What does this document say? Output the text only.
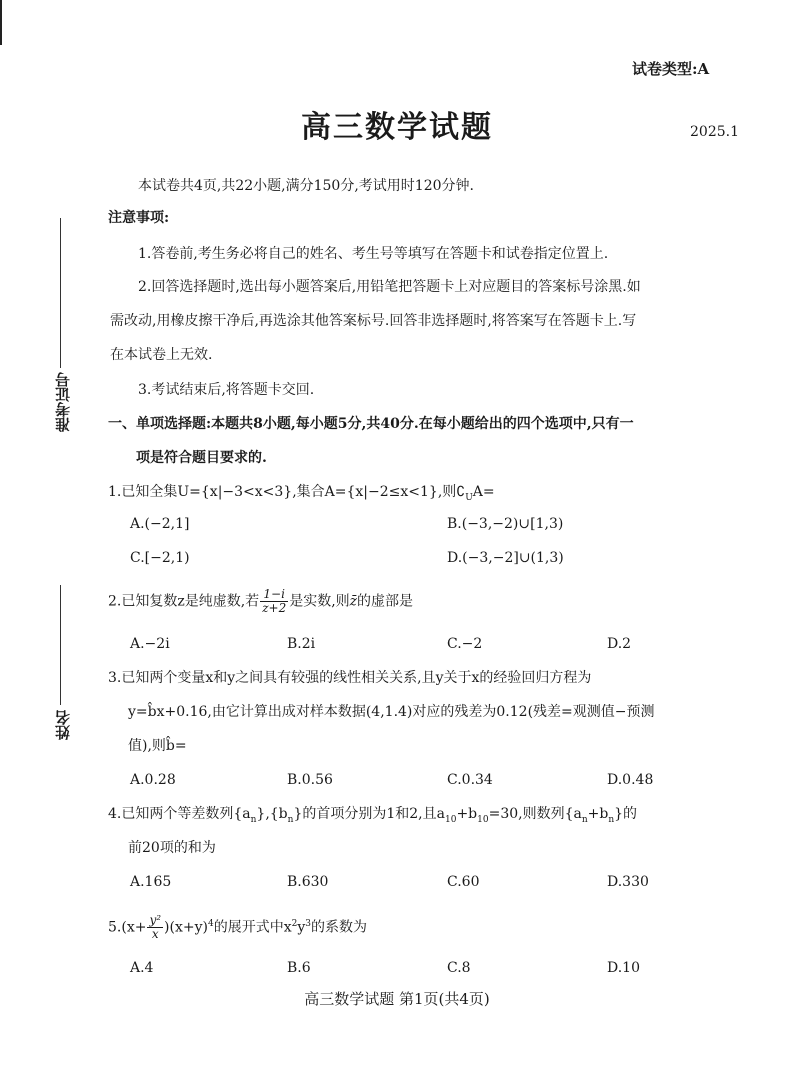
试卷类型:A
高三数学试题	2025.1
准考证号
姓名
本试卷共4页,共22小题,满分150分,考试用时120分钟.
注意事项:
1.答卷前,考生务必将自己的姓名、考生号等填写在答题卡和试卷指定位置上.
2.回答选择题时,选出每小题答案后,用铅笔把答题卡上对应题目的答案标号涂黑.如
需改动,用橡皮擦干净后,再选涂其他答案标号.回答非选择题时,将答案写在答题卡上.写
在本试卷上无效.
3.考试结束后,将答题卡交回.
一、单项选择题:本题共8小题,每小题5分,共40分.在每小题给出的四个选项中,只有一
项是符合题目要求的.
1.已知全集U={x|−3<x<3},集合A={x|−2≤x<1},则$∁_UA=$
A.(−2,1]	B.(−3,−2)∪[1,3)
C.[−2,1)	D.(−3,−2]∪(1,3)
2.已知复数z是纯虚数,若 $\frac{1-i}{z+2}$ 是实数,则z̄的虚部是
A.−2i	B.2i	C.−2	D.2
3.已知两个变量x和y之间具有较强的线性相关关系,且y关于x的经验回归方程为
y=b̂x+0.16,由它计算出成对样本数据(4,1.4)对应的残差为0.12(残差=观测值−预测
值),则b̂=
A.0.28	B.0.56	C.0.34	D.0.48
4.已知两个等差数列$\{a_n\},\{b_n\}$的首项分别为1和2,且$a_{10}+b_{10}=30$,则数列$\{a_n+b_n\}$的
前20项的和为
A.165	B.630	C.60	D.330
$5.(x+ \frac{\text{y²}}{x} )(x+y)^4$的展开式中$x^2y^3$的系数为
A.4	B.6	C.8	D.10
高三数学试题 第1页(共4页)
